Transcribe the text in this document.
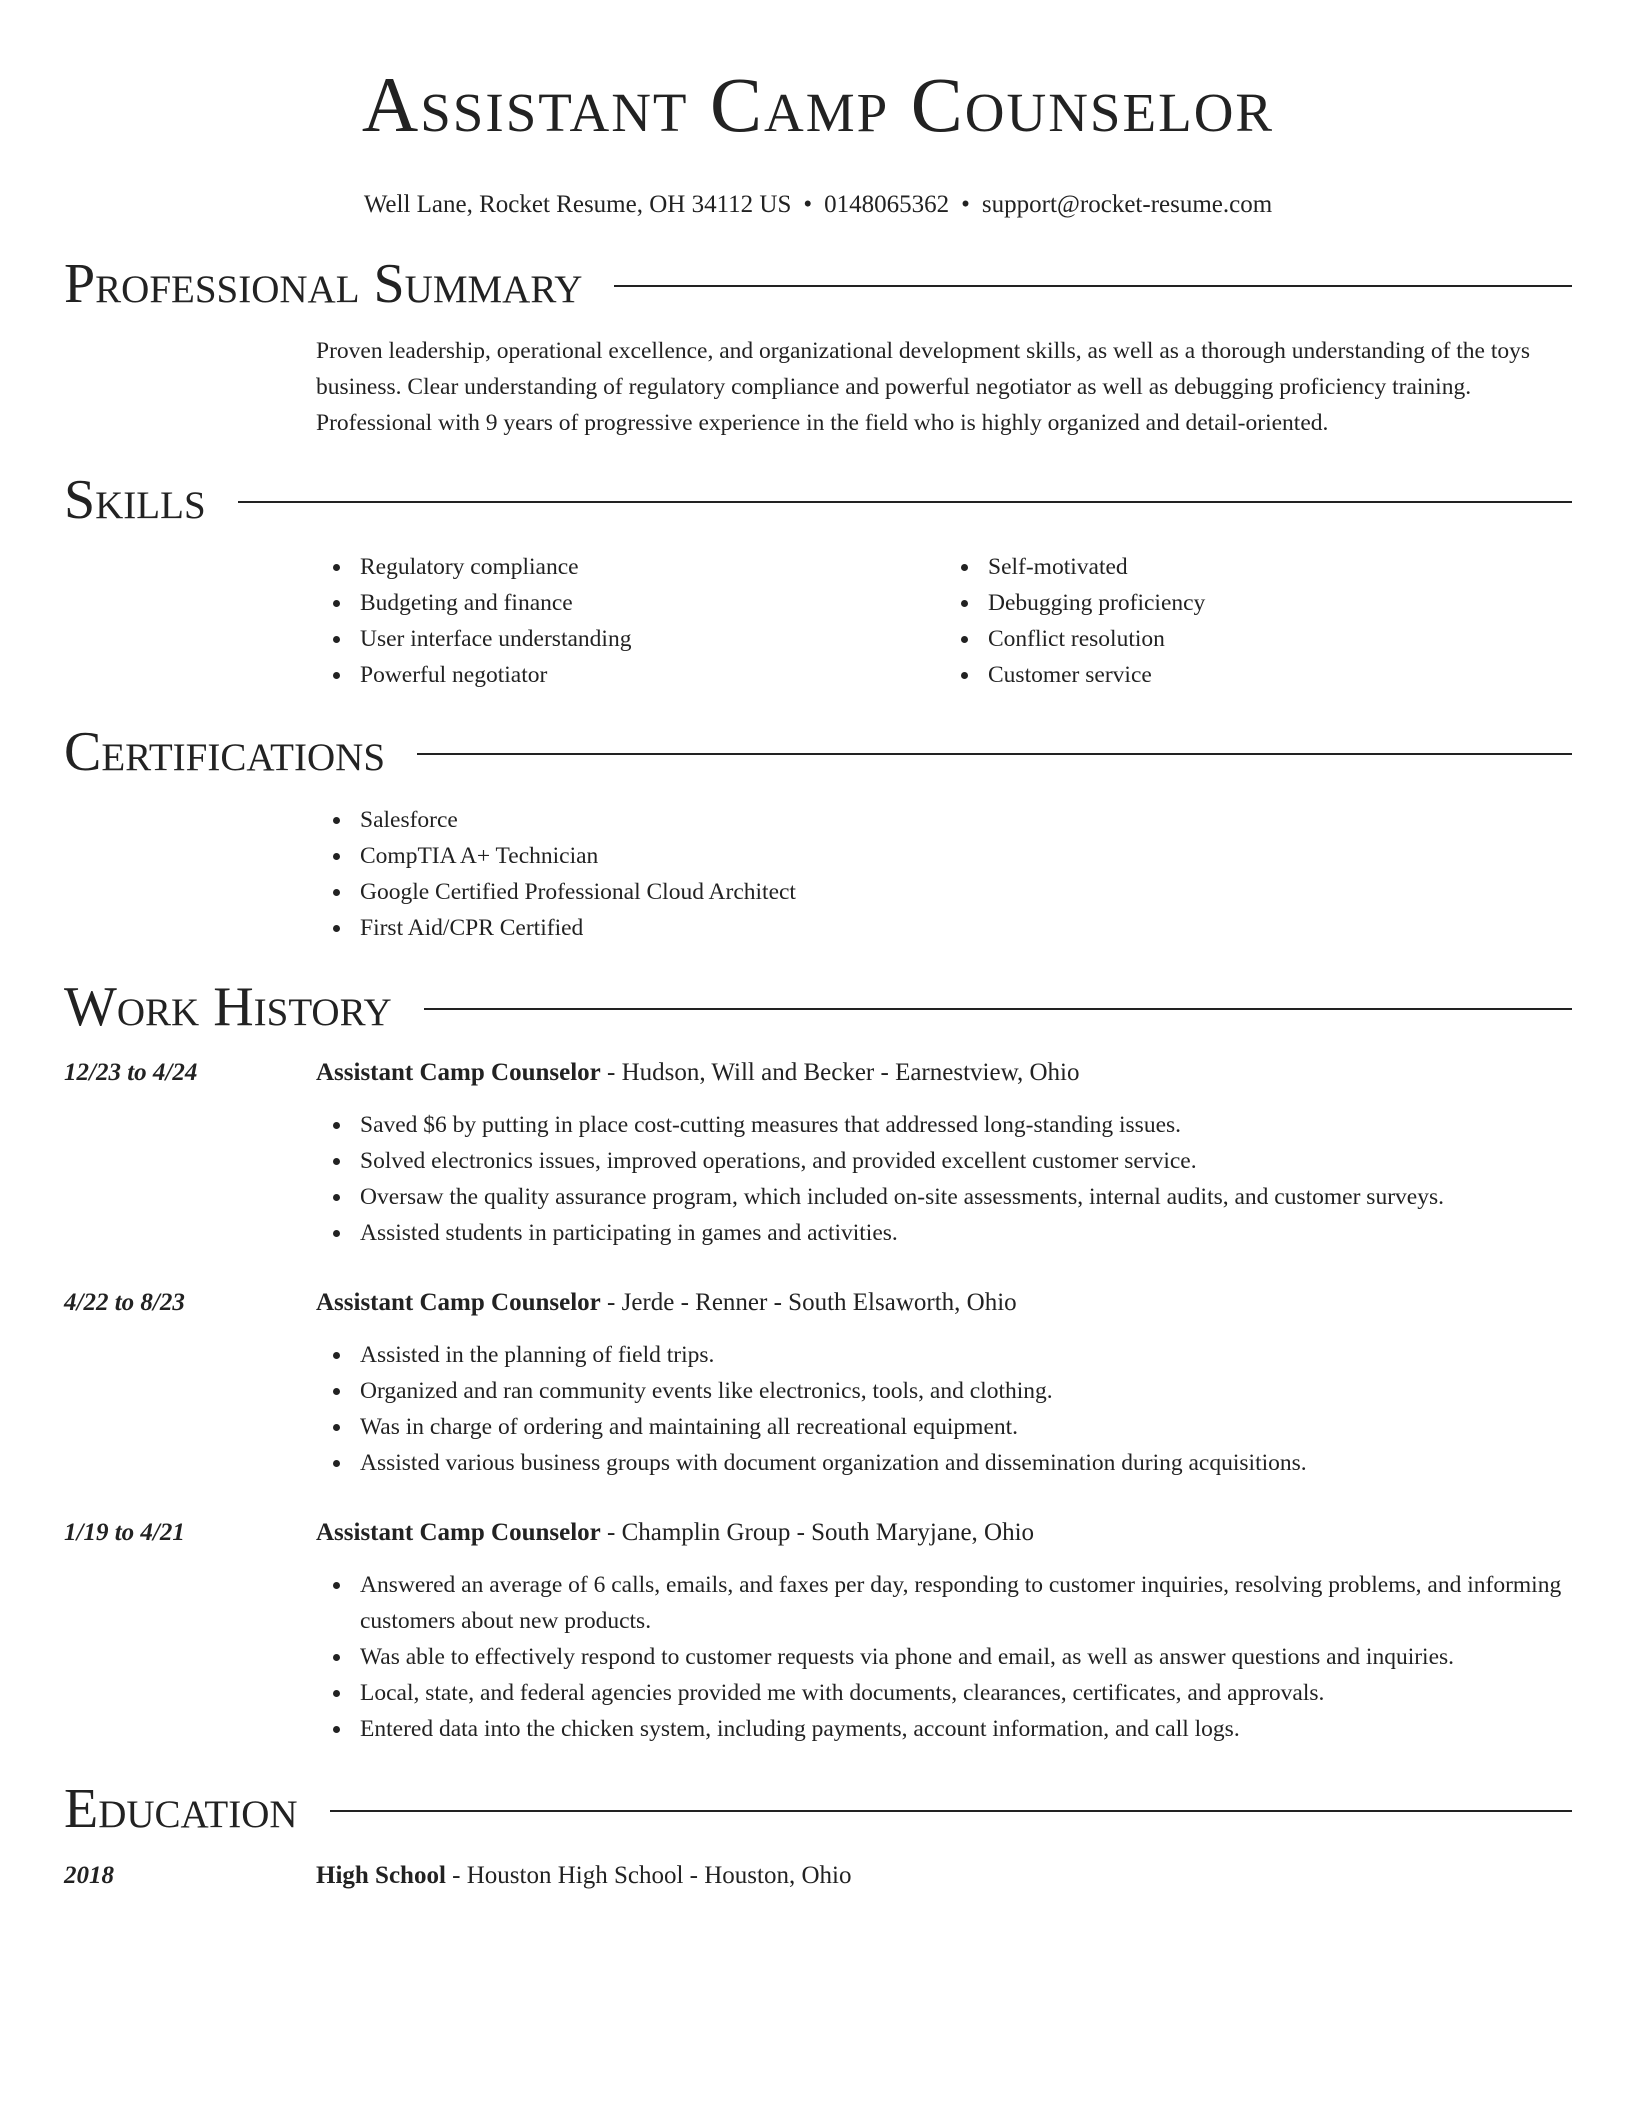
Assistant Camp Counselor
Well Lane, Rocket Resume, OH 34112 US • 0148065362 • support@rocket-resume.com
Professional Summary
Proven leadership, operational excellence, and organizational development skills, as well as a thorough understanding of the toys business. Clear understanding of regulatory compliance and powerful negotiator as well as debugging proficiency training. Professional with 9 years of progressive experience in the field who is highly organized and detail-oriented.
Skills
Regulatory compliance
Budgeting and finance
User interface understanding
Powerful negotiator
Self-motivated
Debugging proficiency
Conflict resolution
Customer service
Certifications
Salesforce
CompTIA A+ Technician
Google Certified Professional Cloud Architect
First Aid/CPR Certified
Work History
12/23 to 4/24	Assistant Camp Counselor - Hudson, Will and Becker - Earnestview, Ohio
Saved $6 by putting in place cost-cutting measures that addressed long-standing issues.
Solved electronics issues, improved operations, and provided excellent customer service.
Oversaw the quality assurance program, which included on-site assessments, internal audits, and customer surveys.
Assisted students in participating in games and activities.
4/22 to 8/23	Assistant Camp Counselor - Jerde - Renner - South Elsaworth, Ohio
Assisted in the planning of field trips.
Organized and ran community events like electronics, tools, and clothing.
Was in charge of ordering and maintaining all recreational equipment.
Assisted various business groups with document organization and dissemination during acquisitions.
1/19 to 4/21	Assistant Camp Counselor - Champlin Group - South Maryjane, Ohio
Answered an average of 6 calls, emails, and faxes per day, responding to customer inquiries, resolving problems, and informing customers about new products.
Was able to effectively respond to customer requests via phone and email, as well as answer questions and inquiries.
Local, state, and federal agencies provided me with documents, clearances, certificates, and approvals.
Entered data into the chicken system, including payments, account information, and call logs.
Education
2018	High School - Houston High School - Houston, Ohio
